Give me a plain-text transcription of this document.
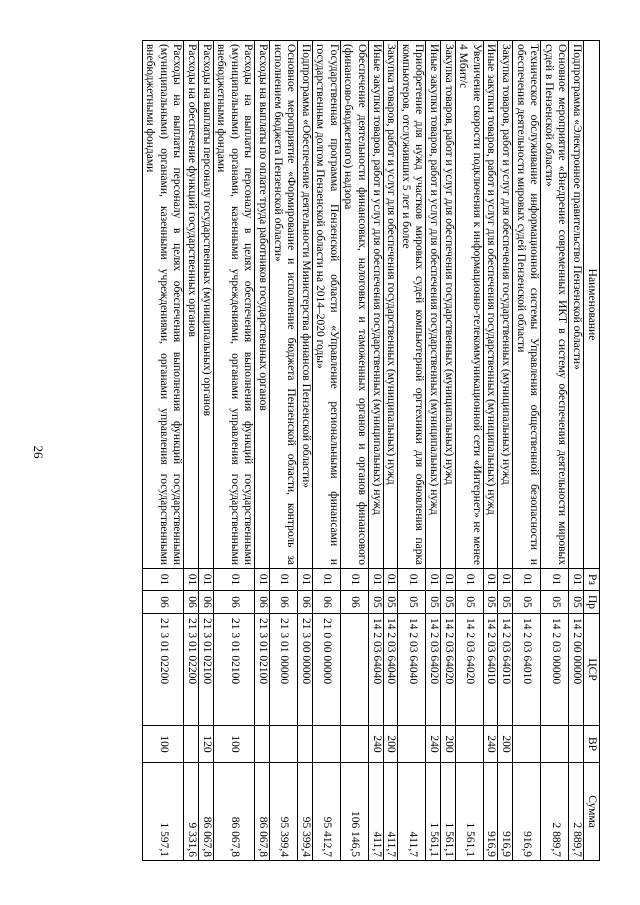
26
Наименование	Рз	Пр	ЦСР	ВР	Сумма
Подпрограмма «Электронное правительство Пензенской области»	01	05	14 2 00 00000		2 889,7
Основное мероприятие «Внедрение современных ИКТ в систему обеспечения деятельности мировых судей в Пензенской области»	01	05	14 2 03 00000		2 889,7
Техническое обслуживание информационной системы Управления общественной безопасности и обеспечения деятельности мировых судей Пензенской области	01	05	14 2 03 64010		916,9
Закупка товаров, работ и услуг для обеспечения государственных (муниципальных) нужд	01	05	14 2 03 64010	200	916,9
Иные закупки товаров, работ и услуг для обеспечения государственных (муниципальных) нужд	01	05	14 2 03 64010	240	916,9
Увеличение скорости подключения к информационно-телекоммуникационной сети «Интернет» не менее 4 Мбит/с	01	05	14 2 03 64020		1 561,1
Закупка товаров, работ и услуг для обеспечения государственных (муниципальных) нужд	01	05	14 2 03 64020	200	1 561,1
Иные закупки товаров, работ и услуг для обеспечения государственных (муниципальных) нужд	01	05	14 2 03 64020	240	1 561,1
Приобретение для нужд участков мировых судей компьютерной оргтехники для обновления парка компьютеров, отслуживших 5 лет и более	01	05	14 2 03 64040		411,7
Закупка товаров, работ и услуг для обеспечения государственных (муниципальных) нужд	01	05	14 2 03 64040	200	411,7
Иные закупки товаров, работ и услуг для обеспечения государственных (муниципальных) нужд	01	05	14 2 03 64040	240	411,7
Обеспечение деятельности финансовых, налоговых и таможенных органов и органов финансового (финансово-бюджетного) надзора	01	06			106 146,5
Государственная программа Пензенской области «Управление региональными финансами и государственным долгом Пензенской области на 2014–2020 годы»	01	06	21 0 00 00000		95 412,7
Подпрограмма «Обеспечение деятельности Министерства финансов Пензенской области»	01	06	21 3 00 00000		95 399,4
Основное мероприятие «Формирование и исполнение бюджета Пензенской области, контроль за исполнением бюджета Пензенской области»	01	06	21 3 01 00000		95 399,4
Расходы на выплаты по оплате труда работников государственных органов	01	06	21 3 01 02100		86 067,8
Расходы на выплаты персоналу в целях обеспечения выполнения функций государственными (муниципальными) органами, казенными учреждениями, органами управления государственными внебюджетными фондами	01	06	21 3 01 02100	100	86 067,8
Расходы на выплаты персоналу государственных (муниципальных) органов	01	06	21 3 01 02100	120	86 067,8
Расходы на обеспечение функций государственных органов	01	06	21 3 01 02200		9 331,6
Расходы на выплаты персоналу в целях обеспечения выполнения функций государственными (муниципальными) органами, казенными учреждениями, органами управления государственными внебюджетными фондами	01	06	21 3 01 02200	100	1 597,1
